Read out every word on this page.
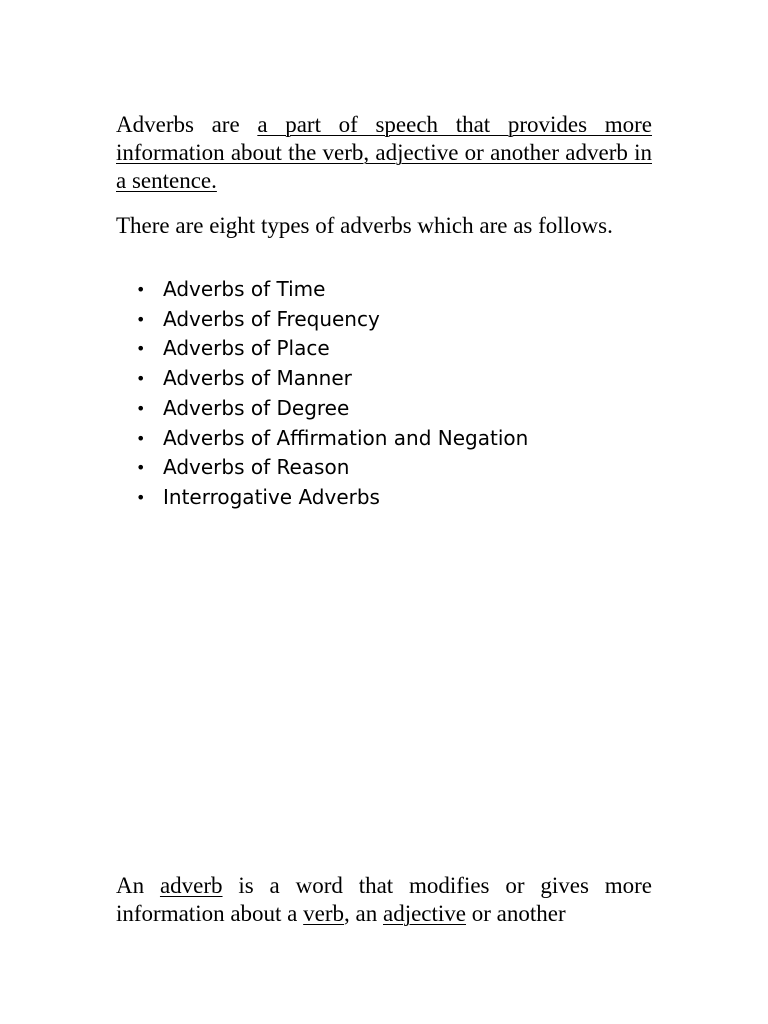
Adverbs are a part of speech that provides more information about the verb, adjective or another adverb in a sentence.

There are eight types of adverbs which are as follows.

• Adverbs of Time
• Adverbs of Frequency
• Adverbs of Place
• Adverbs of Manner
• Adverbs of Degree
• Adverbs of Affirmation and Negation
• Adverbs of Reason
• Interrogative Adverbs

An adverb is a word that modifies or gives more information about a verb, an adjective or another
